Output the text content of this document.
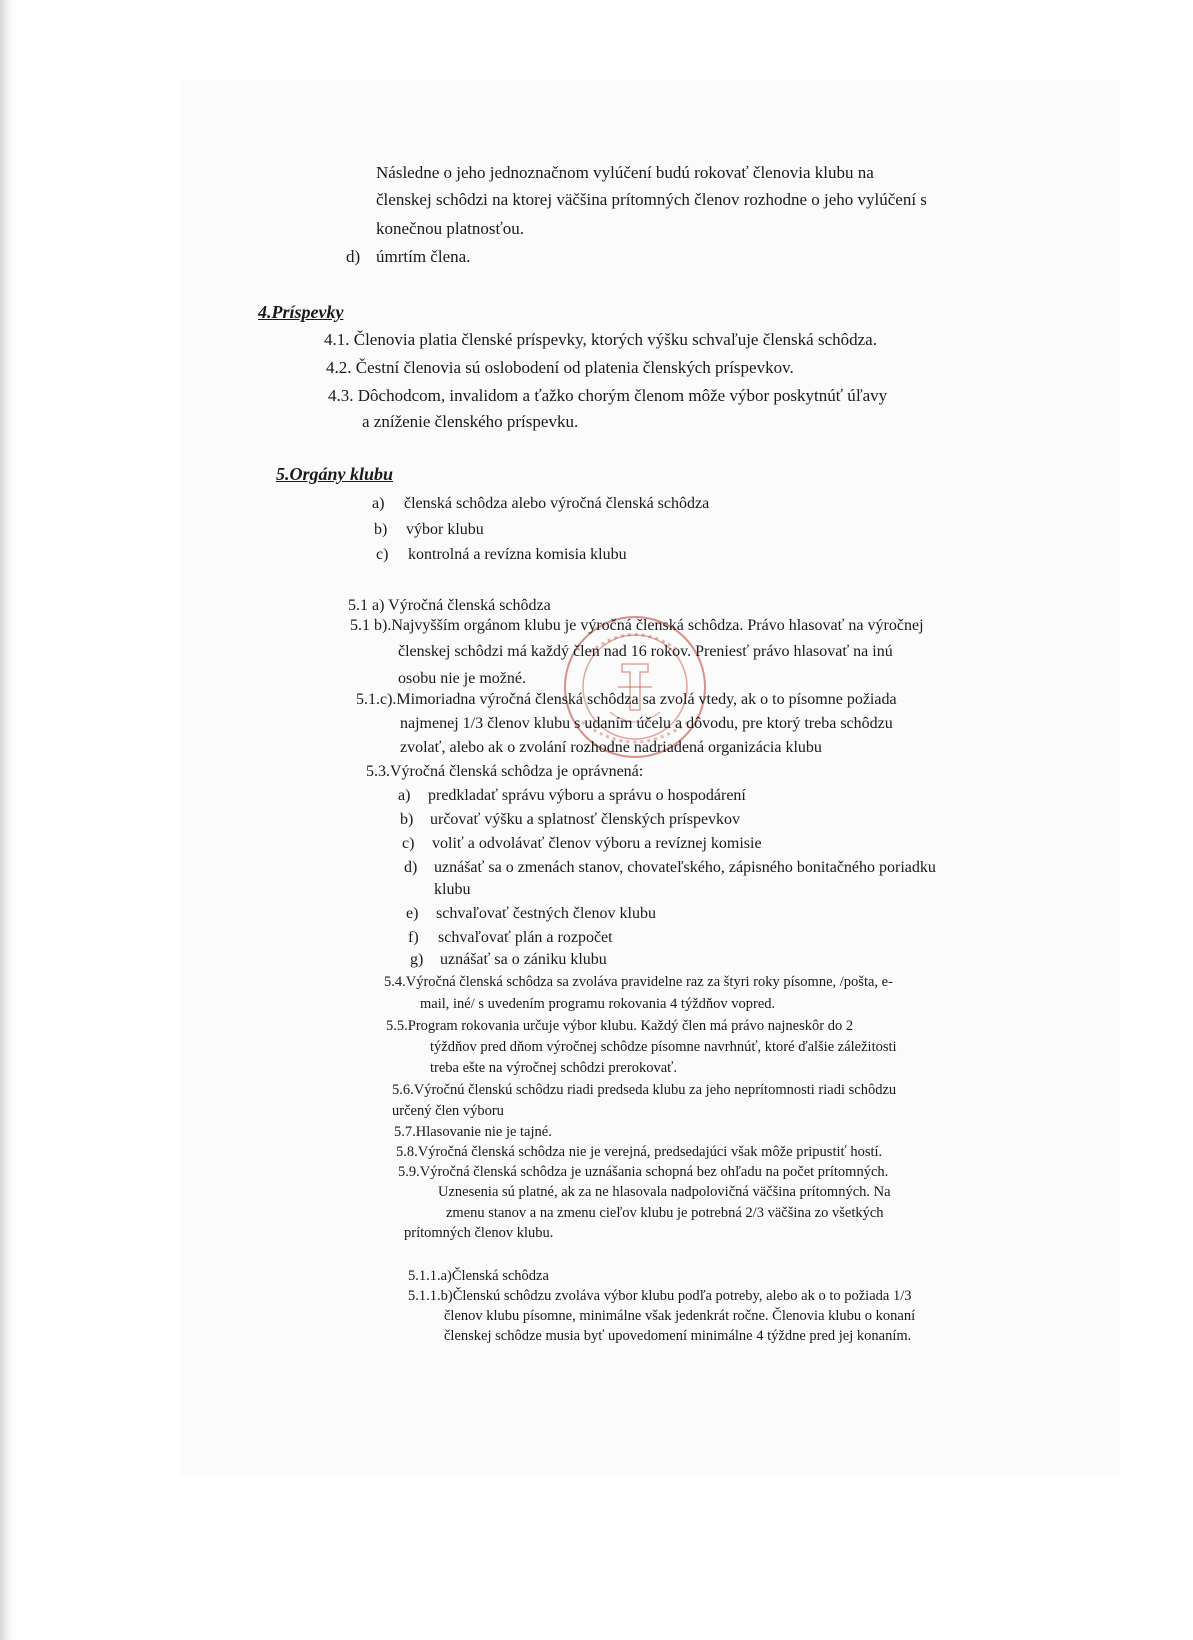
Následne o jeho jednoznačnom vylúčení budú rokovať členovia klubu na
členskej schôdzi na ktorej väčšina prítomných členov rozhodne o jeho vylúčení s
konečnou platnosťou.
d) úmrtím člena.
4.Príspevky
4.1. Členovia platia členské príspevky, ktorých výšku schvaľuje členská schôdza.
4.2. Čestní členovia sú oslobodení od platenia členských príspevkov.
4.3. Dôchodcom, invalidom a ťažko chorým členom môže výbor poskytnúť úľavy
a zníženie členského príspevku.
5.Orgány klubu
a) členská schôdza alebo výročná členská schôdza
b) výbor klubu
c) kontrolná a revízna komisia klubu
5.1 a) Výročná členská schôdza
5.1 b).Najvyšším orgánom klubu je výročná členská schôdza. Právo hlasovať na výročnej
členskej schôdzi má každý člen nad 16 rokov. Preniesť právo hlasovať na inú
osobu nie je možné.
5.1.c).Mimoriadna výročná členská schôdza sa zvolá vtedy, ak o to písomne požiada
najmenej 1/3 členov klubu s udaním účelu a dôvodu, pre ktorý treba schôdzu
zvolať, alebo ak o zvolání rozhodne nadriadená organizácia klubu
5.3.Výročná členská schôdza je oprávnená:
a) predkladať správu výboru a správu o hospodárení
b) určovať výšku a splatnosť členských príspevkov
c) voliť a odvolávať členov výboru a revíznej komisie
d) uznášať sa o zmenách stanov, chovateľského, zápisného bonitačného poriadku
klubu
e) schvaľovať čestných členov klubu
f) schvaľovať plán a rozpočet
g) uznášať sa o zániku klubu
5.4.Výročná členská schôdza sa zvoláva pravidelne raz za štyri roky písomne, /pošta, e-
mail, iné/ s uvedením programu rokovania 4 týždňov vopred.
5.5.Program rokovania určuje výbor klubu. Každý člen má právo najneskôr do 2
týždňov pred dňom výročnej schôdze písomne navrhnúť, ktoré ďalšie záležitosti
treba ešte na výročnej schôdzi prerokovať.
5.6.Výročnú členskú schôdzu riadi predseda klubu za jeho neprítomnosti riadi schôdzu
určený člen výboru
5.7.Hlasovanie nie je tajné.
5.8.Výročná členská schôdza nie je verejná, predsedajúci však môže pripustiť hostí.
5.9.Výročná členská schôdza je uznášania schopná bez ohľadu na počet prítomných.
Uznesenia sú platné, ak za ne hlasovala nadpolovičná väčšina prítomných. Na
zmenu stanov a na zmenu cieľov klubu je potrebná 2/3 väčšina zo všetkých
prítomných členov klubu.
5.1.1.a)Členská schôdza
5.1.1.b)Členskú schôdzu zvoláva výbor klubu podľa potreby, alebo ak o to požiada 1/3
členov klubu písomne, minimálne však jedenkrát ročne. Členovia klubu o konaní
členskej schôdze musia byť upovedomení minimálne 4 týždne pred jej konaním.
